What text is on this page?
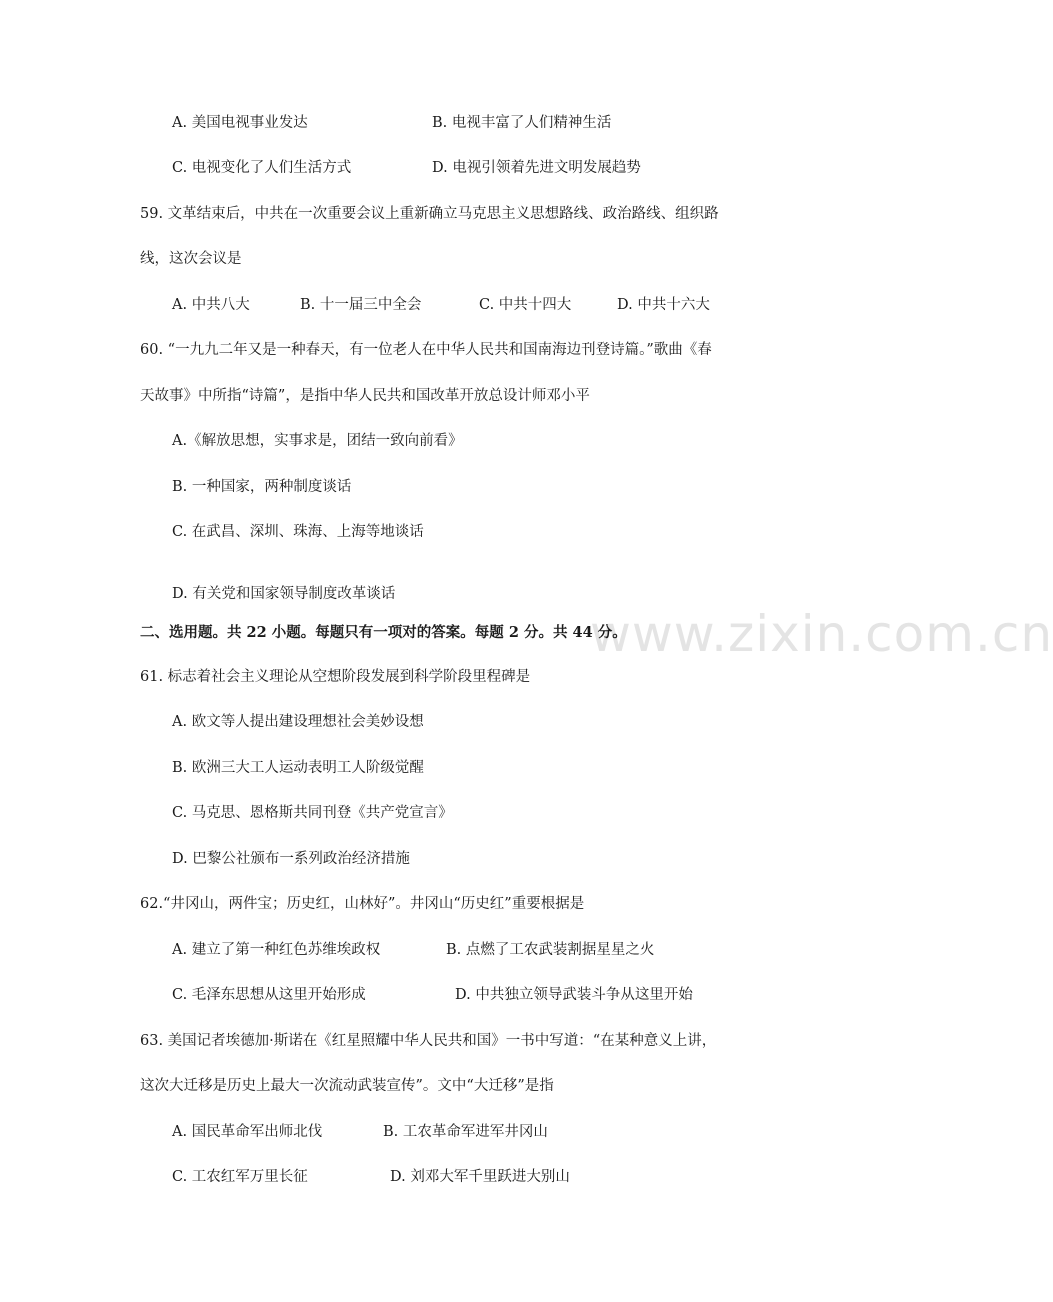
www.zixin.com.cn
A. 美国电视事业发达	B. 电视丰富了人们精神生活
C. 电视变化了人们生活方式	D. 电视引领着先进文明发展趋势
59. 文革结束后，中共在一次重要会议上重新确立马克思主义思想路线、政治路线、组织路
线，这次会议是
A. 中共八大	B. 十一届三中全会	C. 中共十四大	D. 中共十六大
60. “一九九二年又是一种春天，有一位老人在中华人民共和国南海边刊登诗篇。”歌曲《春
天故事》中所指“诗篇”，是指中华人民共和国改革开放总设计师邓小平
A.《解放思想，实事求是，团结一致向前看》
B. 一种国家，两种制度谈话
C. 在武昌、深圳、珠海、上海等地谈话
D. 有关党和国家领导制度改革谈话
二、选用题。共 22 小题。每题只有一项对的答案。每题 2 分。共 44 分。
61. 标志着社会主义理论从空想阶段发展到科学阶段里程碑是
A. 欧文等人提出建设理想社会美妙设想
B. 欧洲三大工人运动表明工人阶级觉醒
C. 马克思、恩格斯共同刊登《共产党宣言》
D. 巴黎公社颁布一系列政治经济措施
62.“井冈山，两件宝；历史红，山林好”。井冈山“历史红”重要根据是
A. 建立了第一种红色苏维埃政权	B. 点燃了工农武装割据星星之火
C. 毛泽东思想从这里开始形成	D. 中共独立领导武装斗争从这里开始
63. 美国记者埃德加·斯诺在《红星照耀中华人民共和国》一书中写道：“在某种意义上讲，
这次大迁移是历史上最大一次流动武装宣传”。文中“大迁移”是指
A. 国民革命军出师北伐	B. 工农革命军进军井冈山
C. 工农红军万里长征	D. 刘邓大军千里跃进大别山
